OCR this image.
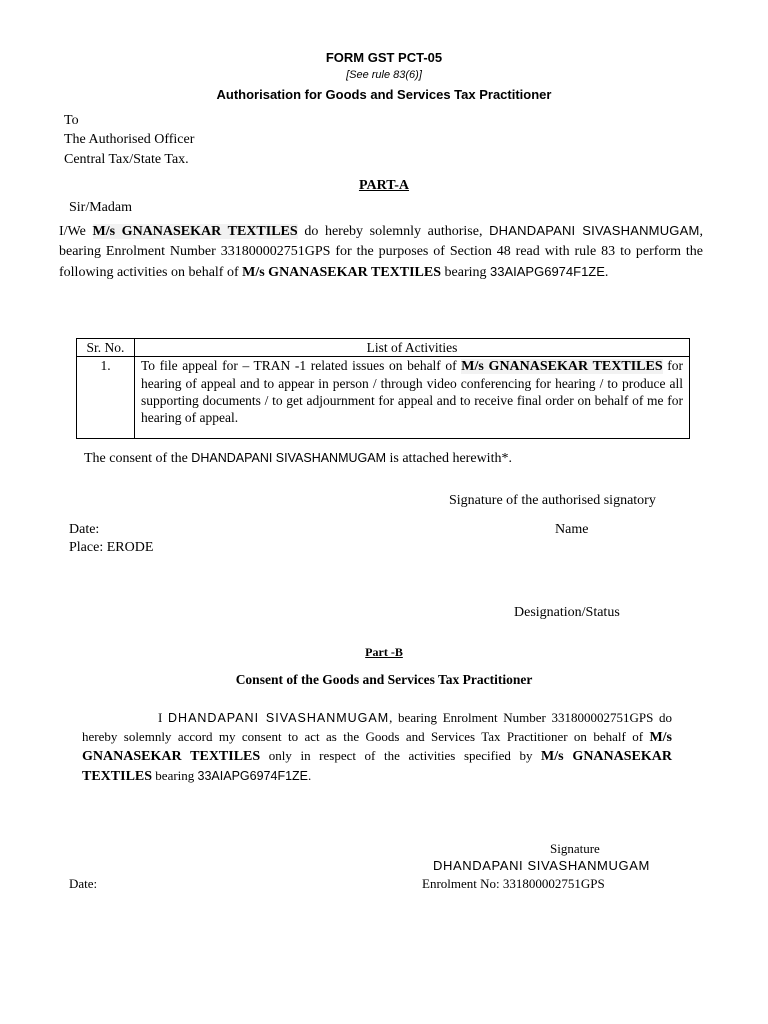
FORM GST PCT-05
[See rule 83(6)]
Authorisation for Goods and Services Tax Practitioner
To
The Authorised Officer
Central Tax/State Tax.
PART-A
Sir/Madam
I/We M/s GNANASEKAR TEXTILES do hereby solemnly authorise, DHANDAPANI SIVASHANMUGAM, bearing Enrolment Number 331800002751GPS for the purposes of Section 48 read with rule 83 to perform the following activities on behalf of M/s GNANASEKAR TEXTILES bearing 33AIAPG6974F1ZE.
Sr. No.	List of Activities
1.	To file appeal for – TRAN -1 related issues on behalf of M/s GNANASEKAR TEXTILES for hearing of appeal and to appear in person / through video conferencing for hearing / to produce all supporting documents / to get adjournment for appeal and to receive final order on behalf of me for hearing of appeal.
The consent of the DHANDAPANI SIVASHANMUGAM is attached herewith*.
Signature of the authorised signatory
Date:	Name
Place: ERODE
Designation/Status
Part -B
Consent of the Goods and Services Tax Practitioner
I DHANDAPANI SIVASHANMUGAM, bearing Enrolment Number 331800002751GPS do hereby solemnly accord my consent to act as the Goods and Services Tax Practitioner on behalf of M/s GNANASEKAR TEXTILES only in respect of the activities specified by M/s GNANASEKAR TEXTILES bearing 33AIAPG6974F1ZE.
Signature
DHANDAPANI SIVASHANMUGAM
Date:	Enrolment No: 331800002751GPS
